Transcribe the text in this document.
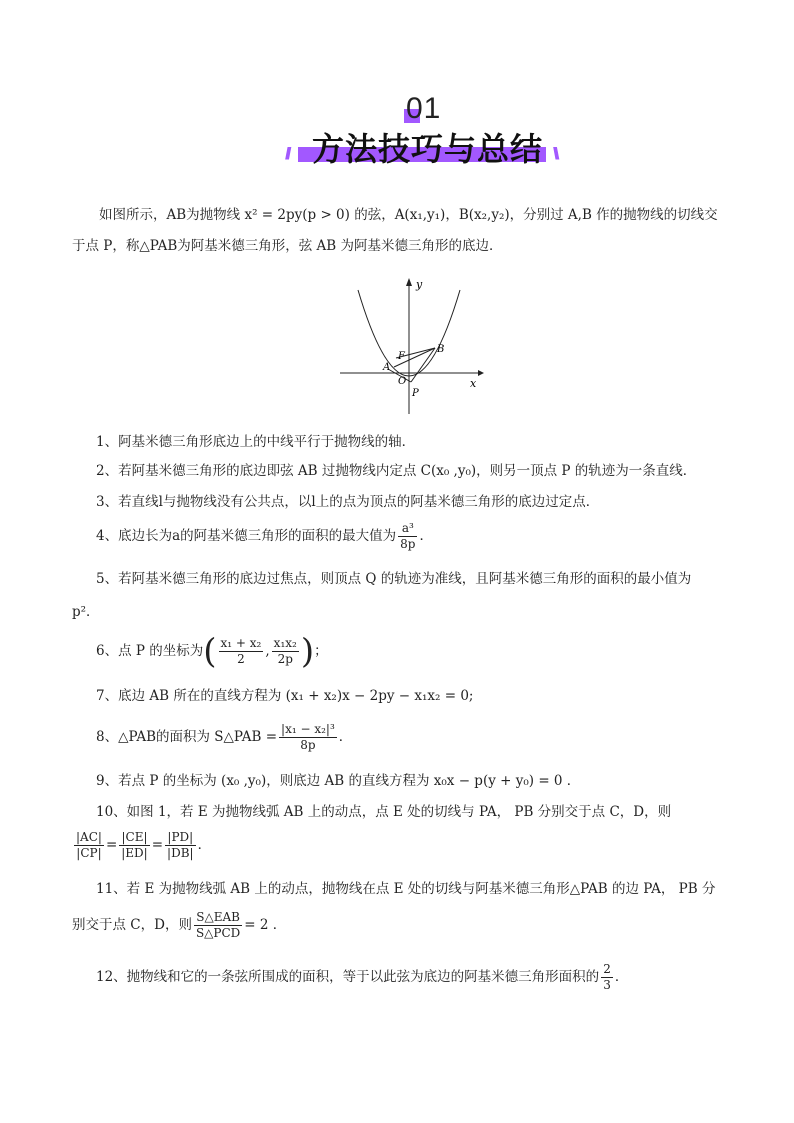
01
// 方法技巧与总结 \\
如图所示，AB为抛物线 x² = 2py(p > 0) 的弦，A(x₁,y₁)，B(x₂,y₂)，分别过 A,B 作的抛物线的切线交
于点 P，称△PAB为阿基米德三角形，弦 AB 为阿基米德三角形的底边．
y
x
F
B
A
O
P
1、阿基米德三角形底边上的中线平行于抛物线的轴．
2、若阿基米德三角形的底边即弦 AB 过抛物线内定点 C(x₀ ,y₀)，则另一顶点 P 的轨迹为一条直线．
3、若直线l与抛物线没有公共点，以l上的点为顶点的阿基米德三角形的底边过定点．
4、底边长为a的阿基米德三角形的面积的最大值为 $\frac{\text{a³}}{8p}$ ．
5、若阿基米德三角形的底边过焦点，则顶点 Q 的轨迹为准线，且阿基米德三角形的面积的最小值为
p²．
6、点 P 的坐标为( $\frac{\text{x₁ + x₂}}{2}$ , $\frac{\text{x₁x₂}}{2p}$ )；
7、底边 AB 所在的直线方程为 (x₁ + x₂)x − 2py − x₁x₂ = 0;
8、△PAB的面积为 S△PAB = $\frac{\text{|x₁ − x₂|³}}{8p}$ ．
9、若点 P 的坐标为 (x₀ ,y₀)，则底边 AB 的直线方程为 x₀x − p(y + y₀) = 0 ．
10、如图 1，若 E 为抛物线弧 AB 上的动点，点 E 处的切线与 PA， PB 分别交于点 C，D，则
$\frac{|AC|}{|CP|} = \frac{|CE|}{|ED|} = \frac{|PD|}{|DB|}$ ．
11、若 E 为抛物线弧 AB 上的动点，抛物线在点 E 处的切线与阿基米德三角形△PAB 的边 PA， PB 分
别交于点 C，D，则 $\frac{\text{S△EAB}}{\text{S△PCD}} = 2$ ．
12、抛物线和它的一条弦所围成的面积，等于以此弦为底边的阿基米德三角形面积的 $\frac{2}{3}$ ．
